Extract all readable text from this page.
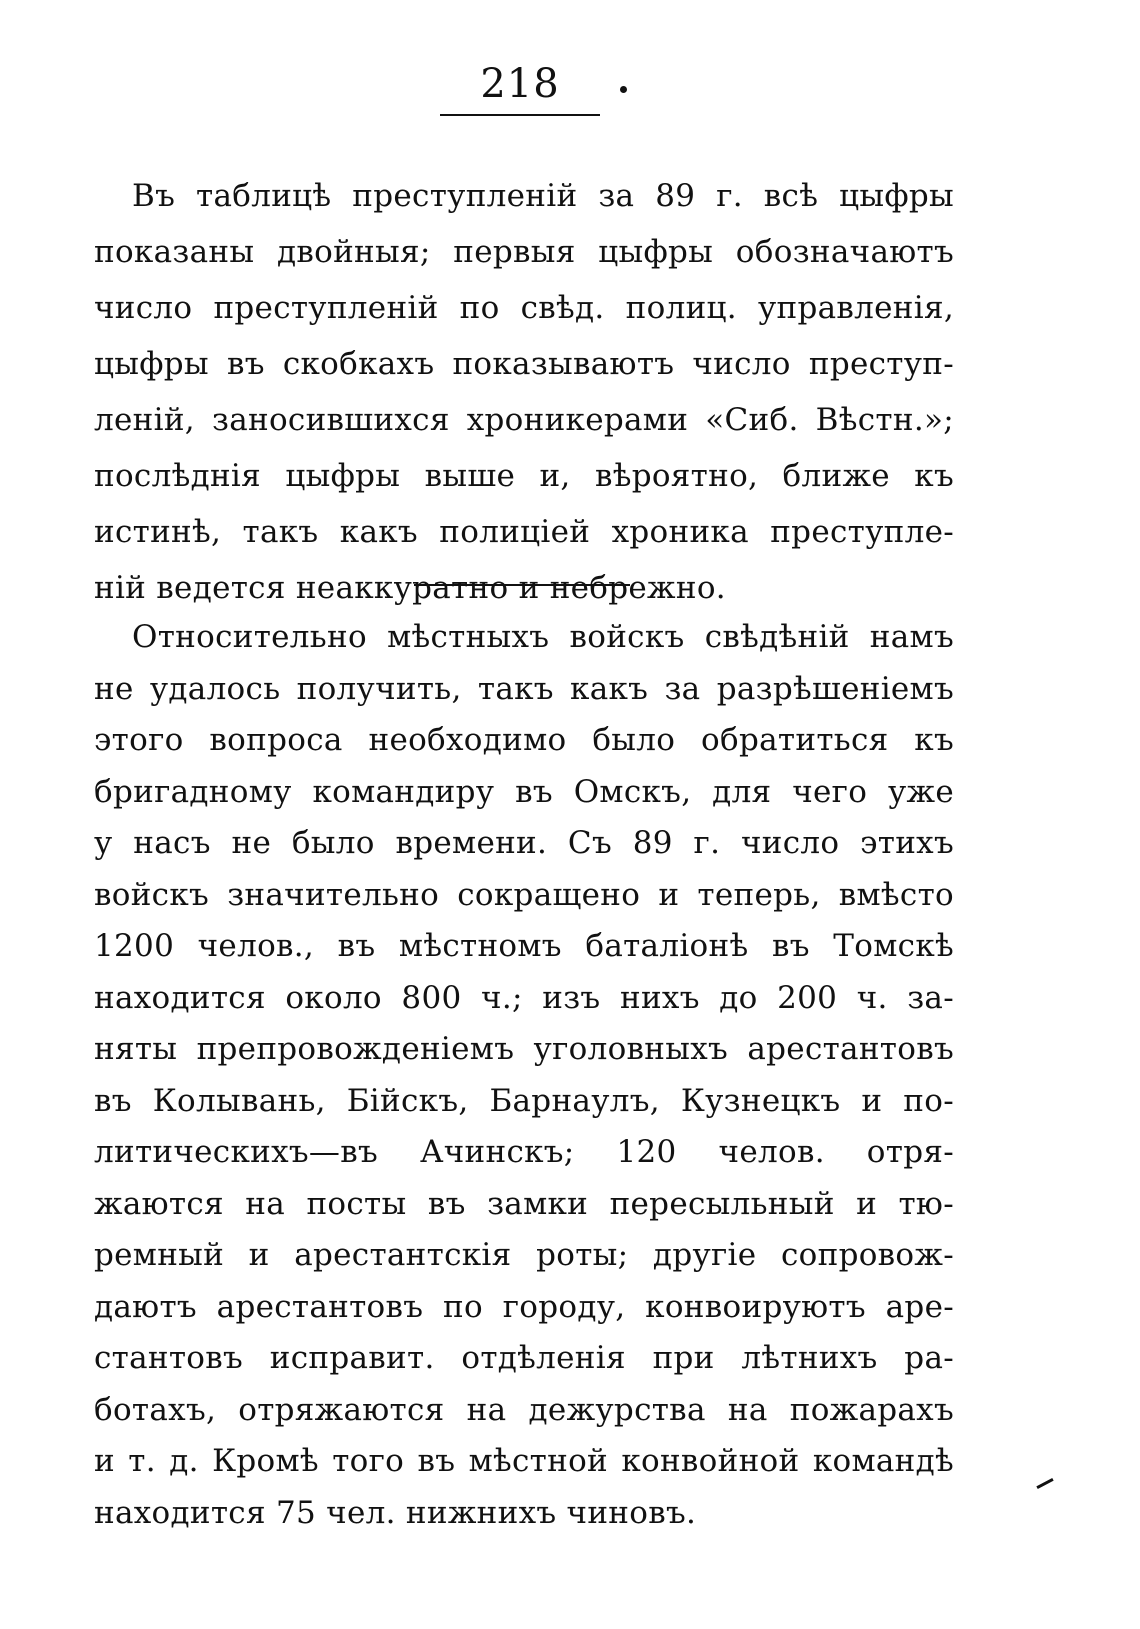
218
Въ таблицѣ преступленій за 89 г. всѣ цыфры
показаны двойныя; первыя цыфры обозначаютъ
число преступленій по свѣд. полиц. управленія,
цыфры въ скобкахъ показываютъ число преступ-
леній, заносившихся хроникерами «Сиб. Вѣстн.»;
послѣднія цыфры выше и, вѣроятно, ближе къ
истинѣ, такъ какъ полиціей хроника преступле-
ній ведется неаккуратно и небрежно.
Относительно мѣстныхъ войскъ свѣдѣній намъ
не удалось получить, такъ какъ за разрѣшеніемъ
этого вопроса необходимо было обратиться къ
бригадному командиру въ Омскъ, для чего уже
у насъ не было времени. Съ 89 г. число этихъ
войскъ значительно сокращено и теперь, вмѣсто
1200 челов., въ мѣстномъ баталіонѣ въ Томскѣ
находится около 800 ч.; изъ нихъ до 200 ч. за-
няты препровожденіемъ уголовныхъ арестантовъ
въ Колывань, Бійскъ, Барнаулъ, Кузнецкъ и по-
литическихъ—въ Ачинскъ; 120 челов. отря-
жаются на посты въ замки пересыльный и тю-
ремный и арестантскія роты; другіе сопровож-
даютъ арестантовъ по городу, конвоируютъ аре-
стантовъ исправит. отдѣленія при лѣтнихъ ра-
ботахъ, отряжаются на дежурства на пожарахъ
и т. д. Кромѣ того въ мѣстной конвойной командѣ
находится 75 чел. нижнихъ чиновъ.
